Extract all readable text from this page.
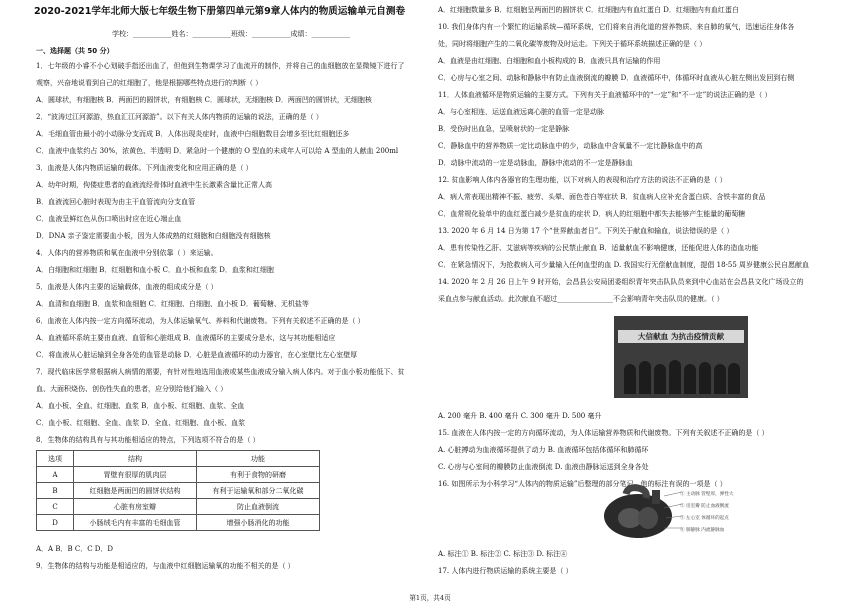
2020-2021学年北师大版七年级生物下册第四单元第9章人体内的物质运输单元自测卷
学校：___________姓名：___________班级：___________成绩：___________
一、选择题（共 50 分）
1．七年级的小睿不小心划破手指还出血了，但他到生物课学习了血流开的制作，并将自己的血细胞放在显微镜下进行了
观察，兴奋地说看到自己的红细胞了，他是根据哪些特点进行的判断（ ）
A．圆球状，有细胞核 B．两面凹的圆饼状，有细胞核 C．圆球状，无细胞核 D．两面凹的圆饼状，无细胞核
2．“波涛过江河源游，热血汇江河源游”。以下有关人体内物质的运输的说法，正确的是（ ）
A．毛细血管由最小的小动脉分支而成 B．人体出现炎症时，血液中白细胞数目会增多至比红细胞还多
C．血液中血浆约占 30%，浓黄色、半透明 D．紧急时一个健康的 O 型血的未成年人可以给 A 型血的人献血 200ml
3．血液是人体内物质运输的载体。下列血液变化和应用正确的是（ ）
A．幼年时期，佝偻症患者的血液流经骨体时血液中生长激素含量比正常人高
B．血液流回心脏时表现为由主干血管流向分支血管
C．血液呈鲜红色从伤口喷出时应在近心端止血
D．DNA 亲子鉴定需要血小板，因为人体成熟的红细胞和白细胞没有细胞核
4．人体内的营养物质和氧在血液中分别依靠（ ）来运输。
A．白细胞和红细胞 B．红细胞和血小板 C．血小板和血浆 D．血浆和红细胞
5．血液是人体内主要的运输载体，血液的组成成分是（ ）
A．血清和血细胞 B．血浆和血细胞 C．红细胞、白细胞、血小板 D．葡萄糖、无机盐等
6．血液在人体内按一定方向循环流动，为人体运输氧气、养料和代谢废物。下列有关叙述不正确的是（ ）
A．血液循环系统主要由血液、血管和心脏组成 B．血液循环的主要成分是水，这与其功能相适应
C．将血液从心脏运输到全身各处的血管是动脉 D．心脏是血液循环的动力器官，在心室壁比左心室壁厚
7．现代临床医学常根据病人病情的需要，有针对性地选用血液或某些血液成分输入病人体内。对于血小板功能低下、贫
血、大面积烧伤、创伤性失血的患者，应分别给他们输入（ ）
A．血小板、全血、红细胞、血浆 B．血小板、红细胞、血浆、全血
C．血小板、红细胞、全血、血浆 D．全血、红细胞、血小板、血浆
8．生物体的结构具有与其功能相适应的特点，下列选项不符合的是（ ）
A．A B．B C．C D．D
9．生物体的结构与功能是相适应的，与血液中红细胞运输氧的功能不相关的是（ ）
选项	结构	功能
A	胃壁有很厚的肌肉层	有利于食物的研磨
B	红细胞是两面凹的圆饼状结构	有利于运输氧和部分二氧化碳
C	心脏有房室瓣	防止血液倒流
D	小肠绒毛内有丰富的毛细血管	增强小肠消化的功能
A．红细胞数量多 B．红细胞呈两面凹的圆饼状 C．红细胞内有血红蛋白 D．红细胞内有血红蛋白
10. 我们身体内有一个繁忙的运输系统—循环系统，它们将来自消化道的营养物质、来自肺的氧气，迅速运往身体各
处，同时将细胞产生的二氧化碳等废物及时运走。下列关于循环系统描述正确的是（ ）
A．血液是由红细胞、白细胞和血小板构成的 B．血液只具有运输的作用
C．心房与心室之间、动脉和静脉中有防止血液倒流的瓣膜 D．血液循环中，体循环时血液从心脏左侧出发回到右侧
11．人体血液循环是物质运输的主要方式。下列有关于血液循环中的“一定”和“不一定”的说法正确的是（ ）
A．与心室相连，运送血液远离心脏的血管一定是动脉
B．受伤时出血急，呈喷射状的一定是静脉
C．静脉血中的营养物质一定比动脉血中的少，动脉血中含氧量不一定比静脉血中的高
D．动脉中流动的一定是动脉血，静脉中流动的不一定是静脉血
12. 贫血影响人体内各器官的生理功能，以下对病人的表现和治疗方法的说法不正确的是（ ）
A．病人常表现出精神不振、疲劳、头晕、面色苍白等症状 B．贫血病人应补充含蛋白质、含铁丰富的食品
C．血常规化验单中的血红蛋白减少是贫血的症状 D．病人的红细胞中都失去能够产生能量的葡萄糖
13. 2020 年 6 月 14 日为第 17 个“世界献血者日”。下列关于献血和输血，说法错误的是（ ）
A．患有传染性乙肝、艾滋病等疾病的公民禁止献血 B．适量献血不影响健康，还能促进人体的造血功能
C．在紧急情况下，为抢救病人可少量输入任何血型的血 D. 我国实行无偿献血制度，提倡 18-55 周岁健康公民自愿献血
14. 2020 年 2 月 26 日上午 9 时开始，会昌县公安局团委组织青年突击队队员来到中心血站在会昌县文化广场设立的
采血点参与献血活动。此次献血不超过________________不会影响青年突击队员的健康。（ ）
A. 200 毫升 B. 400 毫升 C. 300 毫升 D. 500 毫升
15. 血液在人体内按一定的方向循环流动，为人体运输营养物质和代谢废物。下列有关叙述不正确的是（ ）
A. 心脏搏动为血液循环提供了动力 B. 血液循环包括体循环和肺循环
C. 心房与心室间的瓣膜防止血液倒流 D. 血液由静脉运送到全身各处
16. 如图所示为小科学习“人体内的物质运输”后整理的部分笔记，他的标注有误的一项是（ ）
A. 标注① B. 标注② C. 标注③ D. 标注④
17. 人体内进行物质运输的系统主要是（ ）
大信献血 为抗击疫情贡献
① 主动脉 管壁厚，弹性大
② 房室瓣 防止血液倒流
③ 左心室 体循环的起点
④ 肺静脉 内流静脉血
第1页，共4页
